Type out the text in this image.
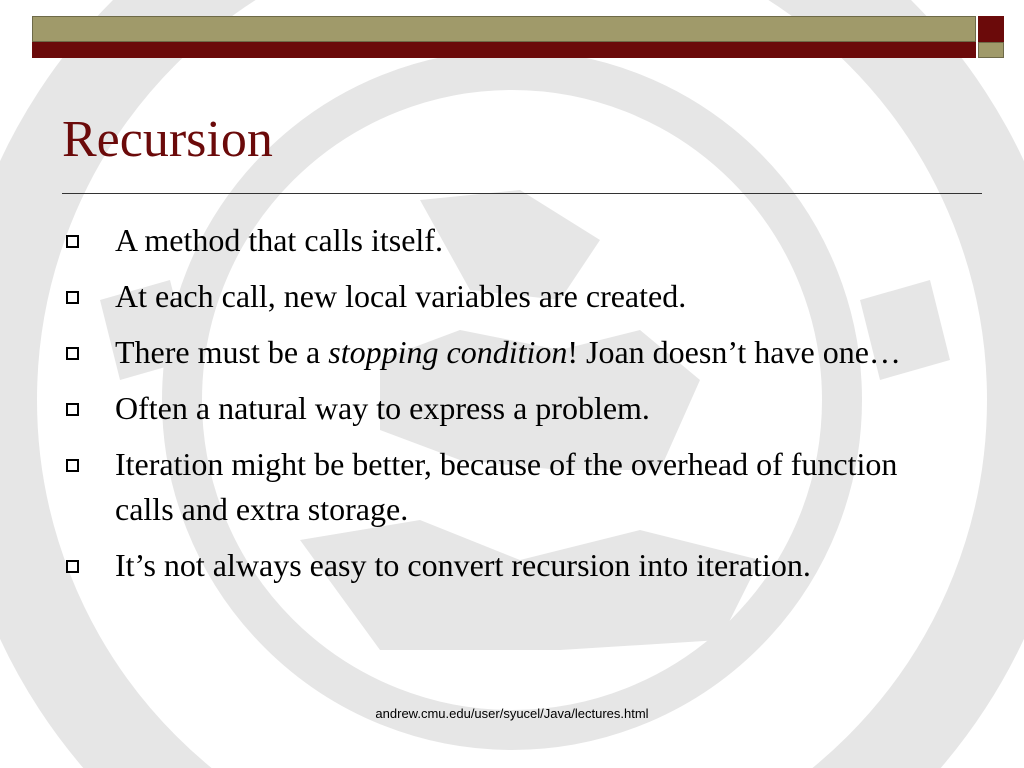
Recursion
A method that calls itself.
At each call, new local variables are created.
There must be a stopping condition! Joan doesn’t have one…
Often a natural way to express a problem.
Iteration might be better, because of the overhead of function calls and extra storage.
It’s not always easy to convert recursion into iteration.
andrew.cmu.edu/user/syucel/Java/lectures.html
